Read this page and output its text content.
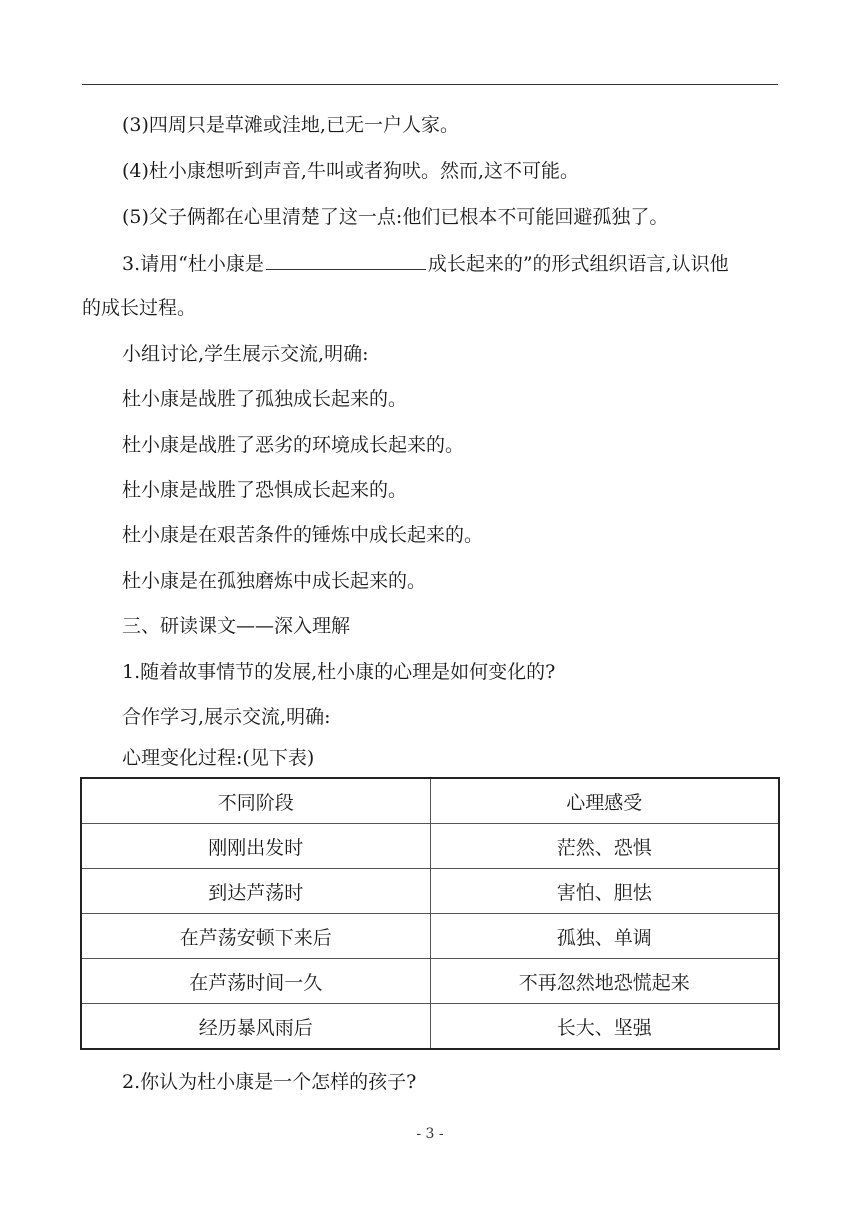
(3)四周只是草滩或洼地,已无一户人家。
(4)杜小康想听到声音,牛叫或者狗吠。然而,这不可能。
(5)父子俩都在心里清楚了这一点:他们已根本不可能回避孤独了。
3.请用“杜小康是	成长起来的”的形式组织语言,认识他
的成长过程。
小组讨论,学生展示交流,明确:
杜小康是战胜了孤独成长起来的。
杜小康是战胜了恶劣的环境成长起来的。
杜小康是战胜了恐惧成长起来的。
杜小康是在艰苦条件的锤炼中成长起来的。
杜小康是在孤独磨炼中成长起来的。
三、研读课文——深入理解
1.随着故事情节的发展,杜小康的心理是如何变化的?
合作学习,展示交流,明确:
心理变化过程:(见下表)
不同阶段	心理感受
刚刚出发时	茫然、恐惧
到达芦荡时	害怕、胆怯
在芦荡安顿下来后	孤独、单调
在芦荡时间一久	不再忽然地恐慌起来
经历暴风雨后	长大、坚强
2.你认为杜小康是一个怎样的孩子?
- 3 -
